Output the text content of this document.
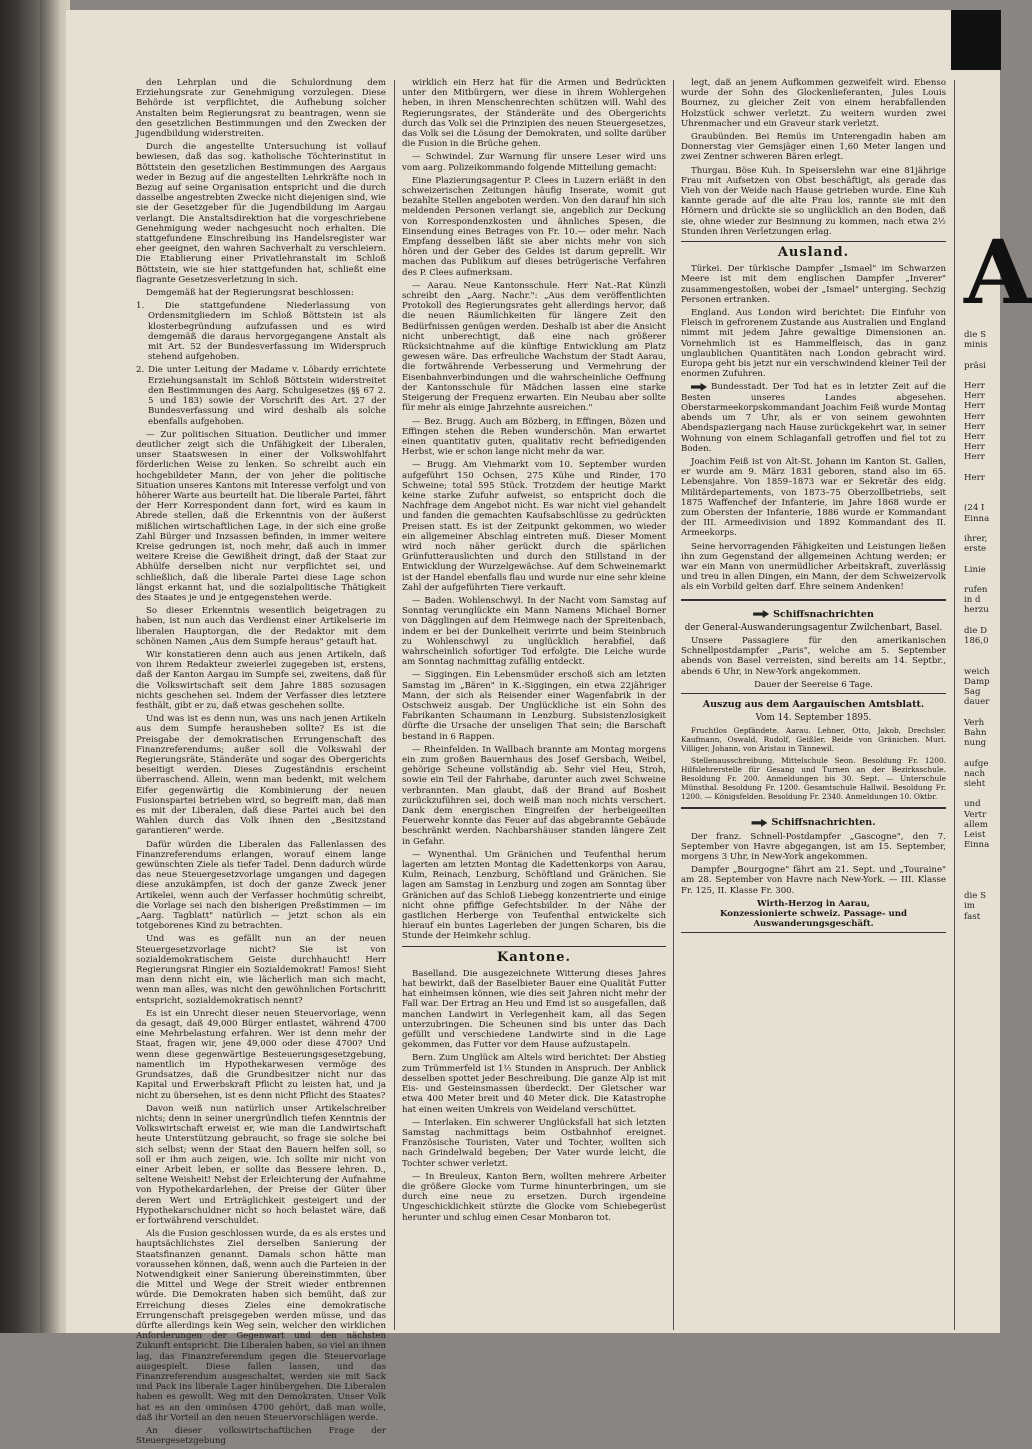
den Lehrplan und die Schulordnung dem Erziehungsrate zur Genehmigung vorzulegen. Diese Behörde ist verpflichtet, die Aufhebung solcher Anstalten beim Regierungsrat zu beantragen, wenn sie den gesetzlichen Bestimmungen und den Zwecken der Jugendbildung widerstreiten.

Durch die angestellte Untersuchung ist vollauf bewiesen, daß das sog. katholische Töchterinstitut in Böttstein den gesetzlichen Bestimmungen des Aargaus weder in Bezug auf die angestellten Lehrkräfte noch in Bezug auf seine Organisation entspricht und die durch dasselbe angestrebten Zwecke nicht diejenigen sind, wie sie der Gesetzgeber für die Jugendbildung im Aargau verlangt. Die Anstaltsdirektion hat die vorgeschriebene Genehmigung weder nachgesucht noch erhalten. Die stattgefundene Einschreibung ins Handelsregister war eher geeignet, den wahren Sachverhalt zu verschleiern. Die Etablierung einer Privatlehranstalt im Schloß Böttstein, wie sie hier stattgefunden hat, schließt eine flagrante Gesetzesverletzung in sich.

Demgemäß hat der Regierungsrat beschlossen:

1. Die stattgefundene Niederlassung von Ordensmitgliedern im Schloß Böttstein ist als klosterbegründung aufzufassen und es wird demgemäß die daraus hervorgegangene Anstalt als mit Art. 52 der Bundesverfassung im Widerspruch stehend aufgehoben.

2. Die unter Leitung der Madame v. Löbardy errichtete Erziehungsanstalt im Schloß Böttstein widerstreitet den Bestimmungen des Aarg. Schulgesetzes (§§ 67 2. 5 und 183) sowie der Vorschrift des Art. 27 der Bundesverfassung und wird deshalb als solche ebenfalls aufgehoben.

— Zur politischen Situation. Deutlicher und immer deutlicher zeigt sich die Unfähigkeit der Liberalen, unser Staatswesen in einer der Volkswohlfahrt förderlichen Weise zu lenken. So schreibt auch ein hochgebildeter Mann, der von jeher die politische Situation unseres Kantons mit Interesse verfolgt und von höherer Warte aus beurteilt hat. Die liberale Partei, fährt der Herr Korrespondent dann fort, wird es kaum in Abrede stellen, daß die Erkenntnis von der äußerst mißlichen wirtschaftlichen Lage, in der sich eine große Zahl Bürger und Inzsassen befinden, in immer weitere Kreise gedrungen ist, noch mehr, daß auch in immer weitere Kreise die Gewißheit dringt, daß der Staat zur Abhülfe derselben nicht nur verpflichtet sei, und schließlich, daß die liberale Partei diese Lage schon längst erkannt hat, und die sozialpolitische Thätigkeit des Staates je und je entgegenstehen werde.

So dieser Erkenntnis wesentlich beigetragen zu haben, ist nun auch das Verdienst einer Artikelserie im liberalen Hauptorgan, die der Redaktor mit dem schönen Namen „Aus dem Sumpfe heraus" getauft hat.

Wir konstatieren denn auch aus jenen Artikeln, daß von ihrem Redakteur zweierlei zugegeben ist, erstens, daß der Kanton Aargau im Sumpfe sei, zweitens, daß für die Volkswirtschaft seit dem Jahre 1885 sozusagen nichts geschehen sei. Indem der Verfasser dies letztere festhält, gibt er zu, daß etwas geschehen sollte.

Und was ist es denn nun, was uns nach jenen Artikeln aus dem Sumpfe herausheben sollte? Es ist die Preisgabe der demokratischen Errungenschaft des Finanzreferendums; außer soll die Volkswahl der Regierungsräte, Ständeräte und sogar des Obergerichts beseitigt werden. Dieses Zugeständnis erscheint überraschend. Allein, wenn man bedenkt, mit welchem Eifer gegenwärtig die Kombinierung der neuen Fusionspartei betrieben wird, so begreift man, daß man es mit der Liberalen, daß diese Partei auch bei den Wahlen durch das Volk ihnen den „Besitzstand garantieren" werde.

Dafür würden die Liberalen das Fallenlassen des Finanzreferendums erlangen, worauf einem lange gewünschten Ziele als tiefer Tadel. Denn dadurch würde das neue Steuergesetzvorlage umgangen und dagegen diese anzukämpfen, ist doch der ganze Zweck jener Artikelei, wenn auch der Verfasser hochmütig schreibt, die Vorlage sei nach den bisherigen Preßstimmen — im „Aarg. Tagblatt" natürlich — jetzt schon als ein totgeborenes Kind zu betrachten.

Und was es gefällt nun an der neuen Steuergesetzvorlage nicht? Sie ist von sozialdemokratischem Geiste durchhaucht! Herr Regierungsrat Ringier ein Sozialdemokrat! Famos! Sieht man denn nicht ein, wie lächerlich man sich macht, wenn man alles, was nicht den gewöhnlichen Fortschritt entspricht, sozialdemokratisch nennt?

Es ist ein Unrecht dieser neuen Steuervorlage, wenn da gesagt, daß 49,000 Bürger entlastet, während 4700 eine Mehrbelastung erfahren. Wer ist denn mehr der Staat, fragen wir, jene 49,000 oder diese 4700? Und wenn diese gegenwärtige Besteuerungsgesetzgebung, namentlich im Hypothekarwesen vermöge des Grundsatzes, daß die Grundbesitzer nicht nur das Kapital und Erwerbskraft Pflicht zu leisten hat, und ja nicht zu übersehen, ist es denn nicht Pflicht des Staates?

Davon weiß nun natürlich unser Artikelschreiber nichts; denn in seiner unergründlich tiefen Kenntnis der Volkswirtschaft erweist er, wie man die Landwirtschaft heute Unterstützung gebraucht, so frage sie solche bei sich selbst; wenn der Staat den Bauern helfen soll, so soll er ihm auch zeigen, wie. Ich sollte mir nicht von einer Arbeit leben, er sollte das Bessere lehren. D., seltene Weisheit! Nebst der Erleichterung der Aufnahme von Hypothekardarlehen, der Preise der Güter über deren Wert und Erträglichkeit gesteigert und der Hypothekarschuldner nicht so hoch belastet wäre, daß er fortwährend verschuldet.

Als die Fusion geschlossen wurde, da es als erstes und hauptsächlichstes Ziel derselben Sanierung der Staatsfinanzen genannt. Damals schon hätte man voraussehen können, daß, wenn auch die Parteien in der Notwendigkeit einer Sanierung übereinstimmten, über die Mittel und Wege der Streit wieder entbrennen würde. Die Demokraten haben sich bemüht, daß zur Erreichung dieses Zieles eine demokratische Errungenschaft preisgegeben werden müsse, und das dürfte allerdings kein Weg sein, welcher den wirklichen Anforderungen der Gegenwart und den nächsten Zukunft entspricht. Die Liberalen haben, so viel an ihnen lag, das Finanzreferendum gegen die Steuervorlage ausgespielt. Diese fallen lassen, und das Finanzreferendum ausgeschaltet, werden sie mit Sack und Pack ins liberale Lager hinübergehen. Die Liberalen haben es gewollt. Weg mit den Demokraten. Unser Volk hat es an den ominösen 4700 gehört, daß man wolle, daß ihr Vorteil an den neuen Steuervorschlägen werde.

An dieser volkswirtschaftlichen Frage der Steuergesetzgebung

wirklich ein Herz hat für die Armen und Bedrückten unter den Mitbürgern, wer diese in ihrem Wohlergehen heben, in ihren Menschenrechten schützen will. Wahl des Regierungsrates, der Ständeräte und des Obergerichts durch das Volk sei die Prinzipien des neuen Steuergesetzes, das Volk sei die Lösung der Demokraten, und sollte darüber die Fusion in die Brüche gehen.

— Schwindel. Zur Warnung für unsere Leser wird uns vom aarg. Polizeikommando folgende Mitteilung gemacht:

Eine Plazierungsagentur P. Clees in Luzern erläßt in den schweizerischen Zeitungen häufig Inserate, womit gut bezahlte Stellen angeboten werden. Von den darauf hin sich meldenden Personen verlangt sie, angeblich zur Deckung von Korrespondenzkosten und ähnliches Spesen, die Einsendung eines Betrages von Fr. 10.— oder mehr. Nach Empfang desselben läßt sie aber nichts mehr von sich hören und der Geber des Geldes ist darum geprellt. Wir machen das Publikum auf dieses betrügerische Verfahren des P. Clees aufmerksam.

— Aarau. Neue Kantonsschule. Herr Nat.-Rat Künzli schreibt den „Aarg. Nachr.": „Aus dem veröffentlichten Protokoll des Regierungsrates geht allerdings hervor, daß die neuen Räumlichkeiten für längere Zeit den Bedürfnissen genügen werden. Deshalb ist aber die Ansicht nicht unberechtigt, daß eine nach größerer Rücksichtnahme auf die künftige Entwicklung am Platz gewesen wäre. Das erfreuliche Wachstum der Stadt Aarau, die fortwährende Verbesserung und Vermehrung der Eisenbahnverbindungen und die wahrscheinliche Oeffnung der Kantonsschule für Mädchen lassen eine starke Steigerung der Frequenz erwarten. Ein Neubau aber sollte für mehr als einige Jahrzehnte ausreichen."

— Bez. Brugg. Auch am Bözberg, in Effingen, Bözen und Effingen stehen die Reben wunderschön. Man erwartet einen quantitativ guten, qualitativ recht befriedigenden Herbst, wie er schon lange nicht mehr da war.

— Brugg. Am Viehmarkt vom 10. September wurden aufgeführt 150 Ochsen, 275 Kühe und Rinder, 170 Schweine; total 595 Stück. Trotzdem der heutige Markt keine starke Zufuhr aufweist, so entspricht doch die Nachfrage dem Angebot nicht. Es war nicht viel gehandelt und fanden die gemachten Kaufsabschlüsse zu gedrückten Preisen statt. Es ist der Zeitpunkt gekommen, wo wieder ein allgemeiner Abschlag eintreten muß. Dieser Moment wird noch näher gerückt durch die spärlichen Grünfutterauslichten und durch den Stillstand in der Entwicklung der Wurzelgewächse. Auf dem Schweinemarkt ist der Handel ebenfalls flau und wurde nur eine sehr kleine Zahl der aufgeführten Tiere verkauft.

— Baden. Wohlenschwyl. In der Nacht vom Samstag auf Sonntag verunglückte ein Mann Namens Michael Borner von Dägglingen auf dem Heimwege nach der Spreitenbach, indem er bei der Dunkelheit verirrte und beim Steinbruch zu Wohlenschwyl zu unglücklich herabfiel, daß wahrscheinlich sofortiger Tod erfolgte. Die Leiche wurde am Sonntag nachmittag zufällig entdeckt.

— Siggingen. Ein Lebensmüder erschoß sich am letzten Samstag im „Bären" in K.-Siggingen, ein etwa 22jähriger Mann, der sich als Reisender einer Wagenfabrik in der Ostschweiz ausgab. Der Unglückliche ist ein Sohn des Fabrikanten Schaumann in Lenzburg. Subsistenzlosigkeit dürfte die Ursache der unseligen That sein; die Barschaft bestand in 6 Rappen.

— Rheinfelden. In Wallbach brannte am Montag morgens ein zum großen Bauernhaus des Josef Gersbach, Weibel, gehörige Scheune vollständig ab. Sehr viel Heu, Stroh, sowie ein Teil der Fahrhabe, darunter auch zwei Schweine verbrannten. Man glaubt, daß der Brand auf Bosheit zurückzuführen sei, doch weiß man noch nichts verschert. Dank dem energischen Eingreifen der herbeigeeilten Feuerwehr konnte das Feuer auf das abgebrannte Gebäude beschränkt werden. Nachbarshäuser standen längere Zeit in Gefahr.

— Wynenthal. Um Gränichen und Teufenthal herum lagerten am letzten Montag die Kadettenkorps von Aarau, Kulm, Reinach, Lenzburg, Schöftland und Gränichen. Sie lagen am Samstag in Lenzburg und zogen am Sonntag über Gränichen auf das Schloß Liebegg konzentrierte und einige nicht ohne pfiffige Gefechtsbilder. In der Nähe der gastlichen Herberge von Teufenthal entwickelte sich hierauf ein buntes Lagerleben der jungen Scharen, bis die Stunde der Heimkehr schlug.

Kantone.

Baselland. Die ausgezeichnete Witterung dieses Jahres hat bewirkt, daß der Baselbieter Bauer eine Qualität Futter hat einheimsen können, wie dies seit Jahren nicht mehr der Fall war. Der Ertrag an Heu und Emd ist so ausgefallen, daß manchen Landwirt in Verlegenheit kam, all das Segen unterzubringen. Die Scheunen sind bis unter das Dach gefüllt und verschiedene Landwirte sind in die Lage gekommen, das Futter vor dem Hause aufzustapeln.

Bern. Zum Unglück am Altels wird berichtet: Der Abstieg zum Trümmerfeld ist 1½ Stunden in Anspruch. Der Anblick desselben spottet jeder Beschreibung. Die ganze Alp ist mit Eis- und Gesteinsmassen überdeckt. Der Gletscher war etwa 400 Meter breit und 40 Meter dick. Die Katastrophe hat einen weiten Umkreis von Weideland verschüttet.

— Interlaken. Ein schwerer Unglücksfall hat sich letzten Samstag nachmittags beim Ostbahnhof ereignet. Französische Touristen, Vater und Tochter, wollten sich nach Grindelwald begeben; Der Vater wurde leicht, die Tochter schwer verletzt.

— In Breuleux, Kanton Bern, wollten mehrere Arbeiter die größere Glocke vom Turme hinunterbringen, um sie durch eine neue zu ersetzen. Durch irgendeine Ungeschicklichkeit stürzte die Glocke vom Schiebegerüst herunter und schlug einen Cesar Monbaron tot.

legt, daß an jenem Aufkommen gezweifelt wird. Ebenso wurde der Sohn des Glockenlieferanten, Jules Louis Bournez, zu gleicher Zeit von einem herabfallenden Holzstück schwer verletzt. Zu weitern wurden zwei Uhrenmacher und ein Graveur stark verletzt.

Graubünden. Bei Remüs im Unterengadin haben am Donnerstag vier Gemsjäger einen 1,60 Meter langen und zwei Zentner schweren Bären erlegt.

Thurgau. Böse Kuh. In Speiserslehn war eine 81jährige Frau mit Aufsetzen von Obst beschäftigt, als gerade das Vieh von der Weide nach Hause getrieben wurde. Eine Kuh kannte gerade auf die alte Frau los, rannte sie mit den Hörnern und drückte sie so unglücklich an den Boden, daß sie, ohne wieder zur Besinnung zu kommen, nach etwa 2½ Stunden ihren Verletzungen erlag.

Ausland.

Türkei. Der türkische Dampfer „Ismael" im Schwarzen Meere ist mit dem englischen Dampfer „Inverer" zusammengestoßen, wobei der „Ismael" unterging. Sechzig Personen ertranken.

England. Aus London wird berichtet: Die Einfuhr von Fleisch in gefrorenem Zustande aus Australien und England nimmt mit jedem Jahre gewaltige Dimensionen an. Vornehmlich ist es Hammelfleisch, das in ganz unglaublichen Quantitäten nach London gebracht wird. Europa geht bis jetzt nur ein verschwindend kleiner Teil der enormen Zufuhren.

Bundesstadt. Der Tod hat es in letzter Zeit auf die Besten unseres Landes abgesehen. Oberstarmeekorpskommandant Joachim Feiß wurde Montag abends um 7 Uhr, als er von seinem gewohnten Abendspaziergang nach Hause zurückgekehrt war, in seiner Wohnung von einem Schlaganfall getroffen und fiel tot zu Boden.

Joachim Feiß ist von Alt-St. Johann im Kanton St. Gallen, er wurde am 9. März 1831 geboren, stand also im 65. Lebensjahre. Von 1859–1873 war er Sekretär des eidg. Militärdepartements, von 1873–75 Oberzollbetriebs, seit 1875 Waffenchef der Infanterie, im Jahre 1868 wurde er zum Obersten der Infanterie, 1886 wurde er Kommandant der III. Armeedivision und 1892 Kommandant des II. Armeekorps.

Seine hervorragenden Fähigkeiten und Leistungen ließen ihn zum Gegenstand der allgemeinen Achtung werden; er war ein Mann von unermüdlicher Arbeitskraft, zuverlässig und treu in allen Dingen, ein Mann, der dem Schweizervolk als ein Vorbild gelten darf. Ehre seinem Andenken!

Schiffsnachrichten
der General-Auswanderungsagentur Zwilchenbart, Basel.

Unsere Passagiere für den amerikanischen Schnellpostdampfer „Paris", welche am 5. September abends von Basel verreisten, sind bereits am 14. Septbr., abends 6 Uhr, in New-York angekommen.

Dauer der Seereise 6 Tage.
Auszug aus dem Aargauischen Amtsblatt.
Vom 14. September 1895.

Fruchtlos Gepfändete. Aarau. Lehner, Otto, Jakob, Drechsler. Kaufmann, Oswald, Rudolf, Geißler. Beide von Gränichen. Muri. Villiger, Johann, von Aristau in Tännewil.

Stellenausschreibung. Mittelschule Seon. Besoldung Fr. 1200. Hilfslehrerstelle für Gesang und Turnen an der Bezirksschule. Besoldung Fr. 200. Anmeldungen bis 30. Sept. — Unterschule Münsthal. Besoldung Fr. 1200. Gesamtschule Hallwil. Besoldung Fr. 1200. — Königsfelden. Besoldung Fr. 2340. Anmeldungen 10. Oktbr.

Schiffsnachrichten.

Der franz. Schnell-Postdampfer „Gascogne", den 7. September von Havre abgegangen, ist am 15. September, morgens 3 Uhr, in New-York angekommen.

Dampfer „Bourgogne" fährt am 21. Sept. und „Touraine" am 28. September von Havre nach New-York. — III. Klasse Fr. 125, II. Klasse Fr. 300.

Wirth-Herzog in Aarau,
Konzessionierte schweiz. Passage- und Auswanderungsgeschäft.
A
die S
minis

präsi

Herr
Herr
Herr
Herr
Herr
Herr
Herr
Herr

Herr

(24 I
Einna

ihrer,
erste

Linie

rufen
in d
herzu

die D
186,0

weich
Damp
Sag
dauer

Verh
Bahn
nung

aufge
nach
sieht

und
Vertr
allem
Leist
Einna

die S
im
fast
